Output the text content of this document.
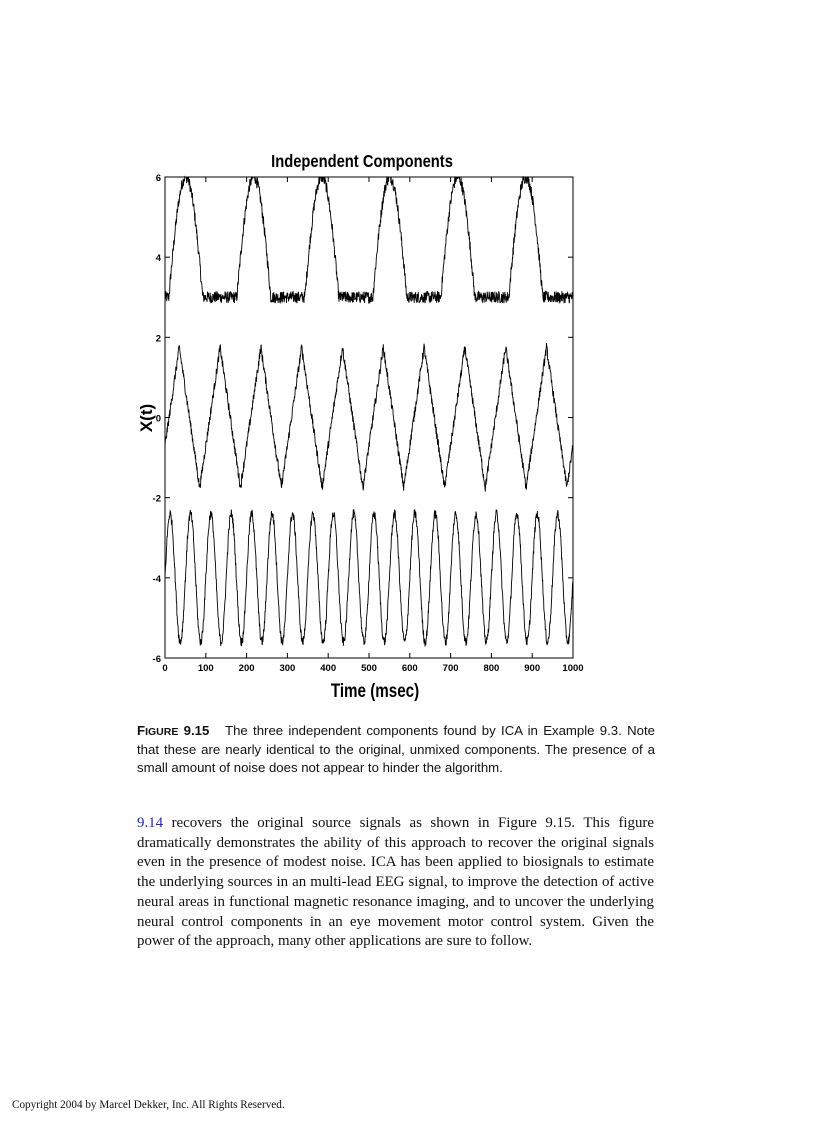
Independent Components
Time (msec)
X(t)
0	100	200	300	400	500	600	700	800	900 1000
6
4
2
0
-2
-4
-6
FIGURE 9.15 The three independent components found by ICA in Example 9.3. Note that these are nearly identical to the original, unmixed components. The presence of a small amount of noise does not appear to hinder the algorithm.

9.14 recovers the original source signals as shown in Figure 9.15. This figure dramatically demonstrates the ability of this approach to recover the original signals even in the presence of modest noise. ICA has been applied to biosignals to estimate the underlying sources in an multi-lead EEG signal, to improve the detection of active neural areas in functional magnetic resonance imaging, and to uncover the underlying neural control components in an eye movement motor control system. Given the power of the approach, many other applications are sure to follow.

Copyright 2004 by Marcel Dekker, Inc. All Rights Reserved.
